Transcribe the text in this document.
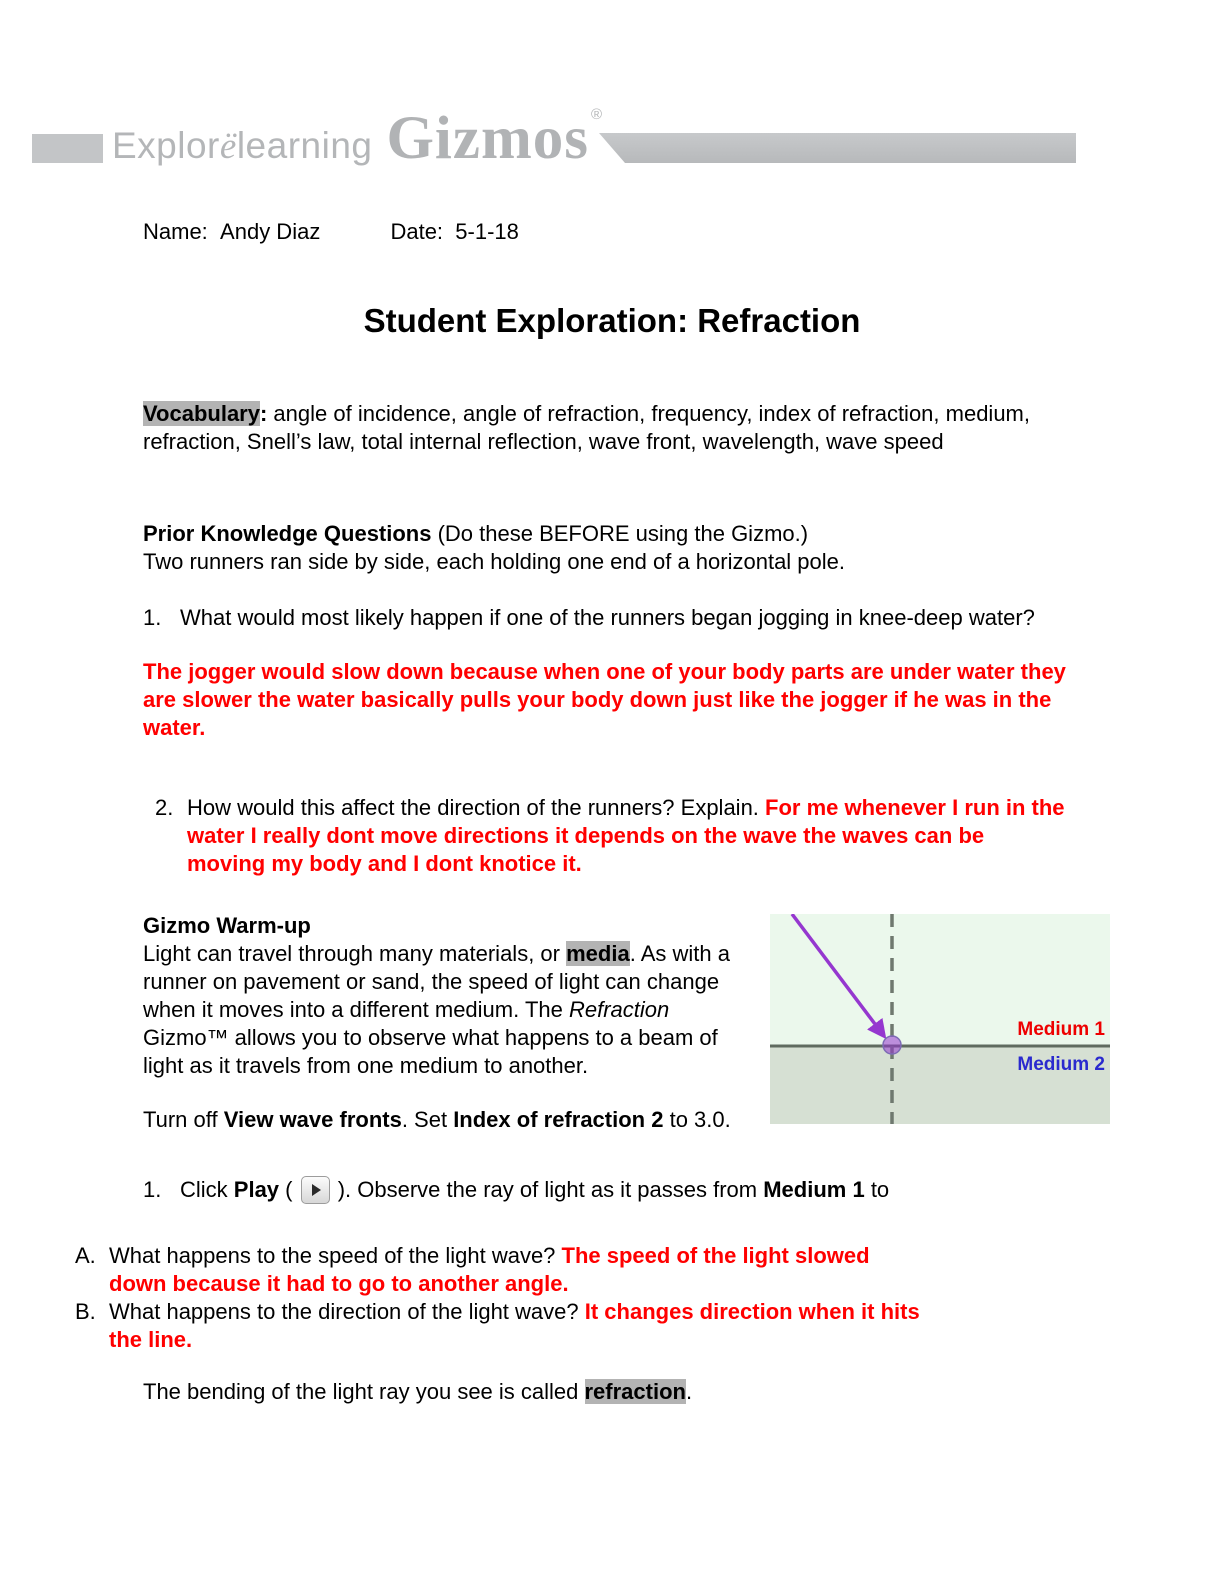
Explorëlearning Gizmos ®
Name: Andy Diaz	Date: 5-1-18
Student Exploration: Refraction

Vocabulary: angle of incidence, angle of refraction, frequency, index of refraction, medium, refraction, Snell’s law, total internal reflection, wave front, wavelength, wave speed

Prior Knowledge Questions (Do these BEFORE using the Gizmo.)
Two runners ran side by side, each holding one end of a horizontal pole.
1. What would most likely happen if one of the runners began jogging in knee-deep water?

The jogger would slow down because when one of your body parts are under water they are slower the water basically pulls your body down just like the jogger if he was in the water.

2. How would this affect the direction of the runners? Explain. For me whenever I run in the water I really dont move directions it depends on the wave the waves can be moving my body and I dont knotice it.
Gizmo Warm-up

Light can travel through many materials, or media. As with a runner on pavement or sand, the speed of light can change when it moves into a different medium. The Refraction Gizmo™ allows you to observe what happens to a beam of light as it travels from one medium to another.

Turn off View wave fronts. Set Index of refraction 2 to 3.0.

Medium 1
Medium 2
1. Click Play (
). Observe the ray of light as it passes from Medium 1 to
A. What happens to the speed of the light wave? The speed of the light slowed down because it had to go to another angle.
B. What happens to the direction of the light wave? It changes direction when it hits the line.

The bending of the light ray you see is called refraction.
